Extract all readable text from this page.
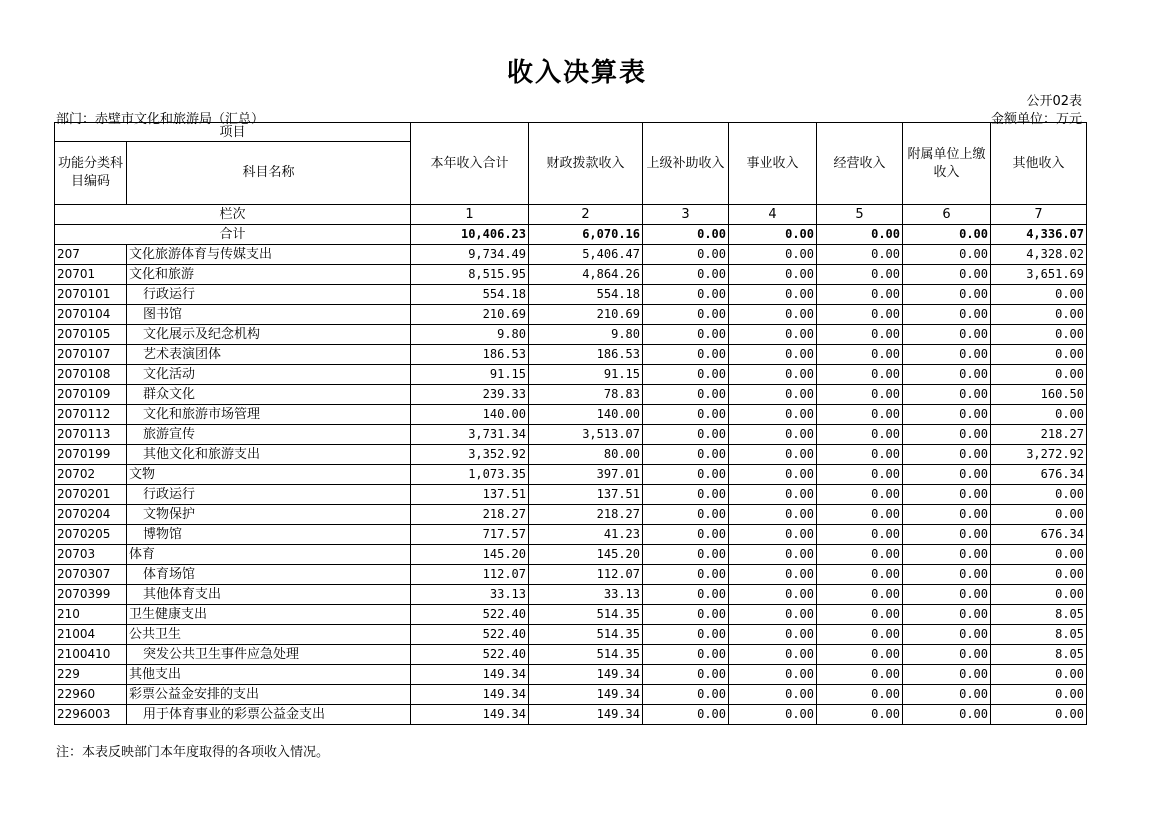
收入决算表
公开02表
部门：赤壁市文化和旅游局（汇总）	金额单位：万元
项目		本年收入合计	财政拨款收入	上级补助收入	事业收入	经营收入	附属单位上缴收入	其他收入
功能分类科目编码	科目名称							
栏次		1	2	3	4	5	6	7
合计		10,406.23	6,070.16	0.00	0.00	0.00	0.00	4,336.07
207	文化旅游体育与传媒支出	9,734.49	5,406.47	0.00	0.00	0.00	0.00	4,328.02
20701	文化和旅游	8,515.95	4,864.26	0.00	0.00	0.00	0.00	3,651.69
2070101	行政运行	554.18	554.18	0.00	0.00	0.00	0.00	0.00
2070104	图书馆	210.69	210.69	0.00	0.00	0.00	0.00	0.00
2070105	文化展示及纪念机构	9.80	9.80	0.00	0.00	0.00	0.00	0.00
2070107	艺术表演团体	186.53	186.53	0.00	0.00	0.00	0.00	0.00
2070108	文化活动	91.15	91.15	0.00	0.00	0.00	0.00	0.00
2070109	群众文化	239.33	78.83	0.00	0.00	0.00	0.00	160.50
2070112	文化和旅游市场管理	140.00	140.00	0.00	0.00	0.00	0.00	0.00
2070113	旅游宣传	3,731.34	3,513.07	0.00	0.00	0.00	0.00	218.27
2070199	其他文化和旅游支出	3,352.92	80.00	0.00	0.00	0.00	0.00	3,272.92
20702	文物	1,073.35	397.01	0.00	0.00	0.00	0.00	676.34
2070201	行政运行	137.51	137.51	0.00	0.00	0.00	0.00	0.00
2070204	文物保护	218.27	218.27	0.00	0.00	0.00	0.00	0.00
2070205	博物馆	717.57	41.23	0.00	0.00	0.00	0.00	676.34
20703	体育	145.20	145.20	0.00	0.00	0.00	0.00	0.00
2070307	体育场馆	112.07	112.07	0.00	0.00	0.00	0.00	0.00
2070399	其他体育支出	33.13	33.13	0.00	0.00	0.00	0.00	0.00
210	卫生健康支出	522.40	514.35	0.00	0.00	0.00	0.00	8.05
21004	公共卫生	522.40	514.35	0.00	0.00	0.00	0.00	8.05
2100410	突发公共卫生事件应急处理	522.40	514.35	0.00	0.00	0.00	0.00	8.05
229	其他支出	149.34	149.34	0.00	0.00	0.00	0.00	0.00
22960	彩票公益金安排的支出	149.34	149.34	0.00	0.00	0.00	0.00	0.00
2296003	用于体育事业的彩票公益金支出	149.34	149.34	0.00	0.00	0.00	0.00	0.00
注：本表反映部门本年度取得的各项收入情况。
